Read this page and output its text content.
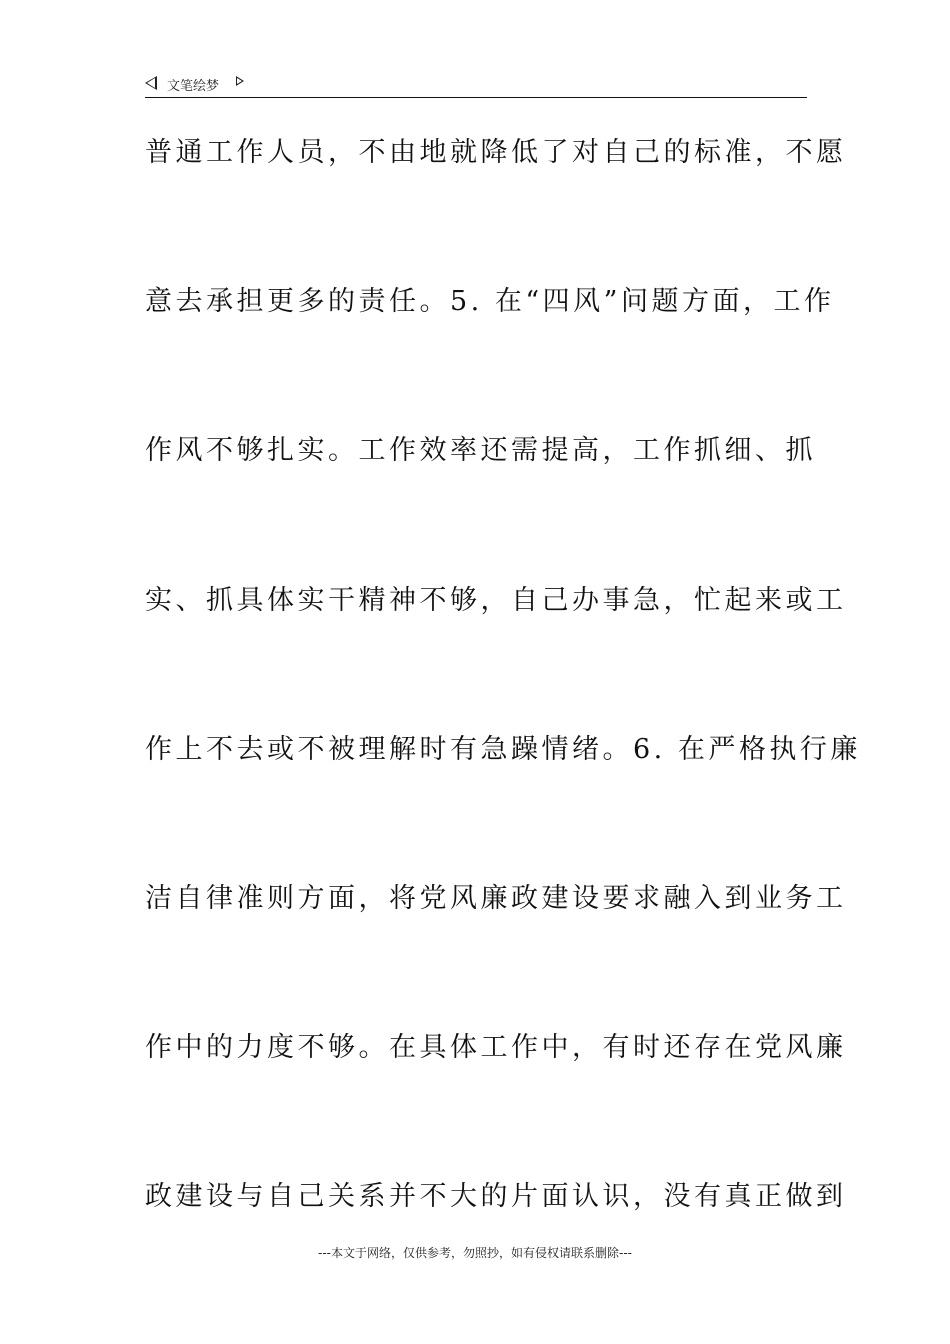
文笔绘梦
普通工作人员，不由地就降低了对自己的标准，不愿
意去承担更多的责任。5. 在“四风”问题方面，工作
作风不够扎实。工作效率还需提高，工作抓细、抓
实、抓具体实干精神不够，自己办事急，忙起来或工
作上不去或不被理解时有急躁情绪。6. 在严格执行廉
洁自律准则方面，将党风廉政建设要求融入到业务工
作中的力度不够。在具体工作中，有时还存在党风廉
政建设与自己关系并不大的片面认识，没有真正做到
---本文于网络，仅供参考，勿照抄，如有侵权请联系删除---
